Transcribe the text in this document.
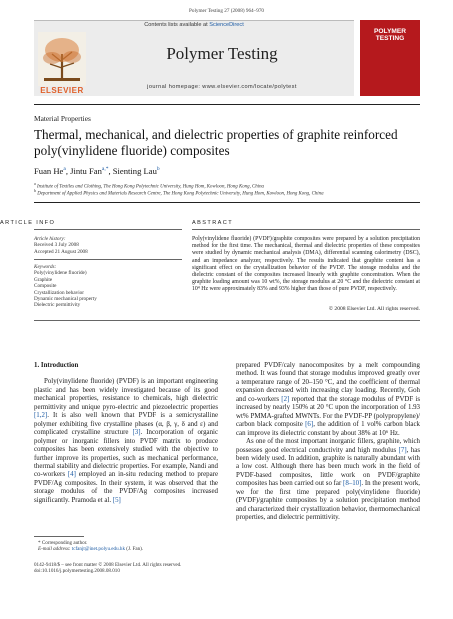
Polymer Testing 27 (2008) 964–970
Contents lists available at ScienceDirect
ELSEVIER
Polymer Testing
journal homepage: www.elsevier.com/locate/polytest
POLYMER TESTING
Material Properties
Thermal, mechanical, and dielectric properties of graphite reinforced poly(vinylidene fluoride) composites
Fuan He$^a$, Jintu Fan$^{a,*}$, Sienting Lau$^b$
$^a$ Institute of Textiles and Clothing, The Hong Kong Polytechnic University, Hung Hom, Kowloon, Hong Kong, China
$^b$ Department of Applied Physics and Materials Research Centre, The Hong Kong Polytechnic University, Hung Hom, Kowloon, Hong Kong, China
ARTICLE INFO	ABSTRACT
Article history:
Received 3 July 2008
Accepted 21 August 2008
Keywords:
Poly(vinylidene fluoride)
Graphite
Composite
Crystallization behavior
Dynamic mechanical property
Dielectric permittivity
Poly(vinylidene fluoride) (PVDF)/graphite composites were prepared by a solution precipitation method for the first time. The mechanical, thermal and dielectric properties of these composites were studied by dynamic mechanical analysis (DMA), differential scanning calorimetry (DSC), and an impedance analyzer, respectively. The results indicated that graphite content has a significant effect on the crystallization behavior of the PVDF. The storage modulus and the dielectric constant of the composites increased linearly with graphite concentration. When the graphite loading amount was 10 wt%, the storage modulus at 20 °C and the dielectric constant at 10⁴ Hz were approximately 83% and 93% higher than those of pure PVDF, respectively.
© 2008 Elsevier Ltd. All rights reserved.
1. Introduction

Poly(vinylidene fluoride) (PVDF) is an important engineering plastic and has been widely investigated because of its good mechanical properties, resistance to chemicals, high dielectric permittivity and unique pyro-electric and piezoelectric properties [1,2]. It is also well known that PVDF is a semicrystalline polymer exhibiting five crystalline phases (α, β, γ, δ and ε) and complicated crystalline structure [3]. Incorporation of organic polymer or inorganic fillers into PVDF matrix to produce composites has been extensively studied with the objective to further improve its properties, such as mechanical performance, thermal stability and dielectric properties. For example, Nandi and co-workers [4] employed an in-situ reducing method to prepare PVDF/Ag composites. In their system, it was observed that the storage modulus of the PVDF/Ag composites increased significantly. Pramoda et al. [5]

prepared PVDF/caly nanocomposites by a melt compounding method. It was found that storage modulus improved greatly over a temperature range of 20–150 °C, and the coefficient of thermal expansion decreased with increasing clay loading. Recently, Goh and co-workers [2] reported that the storage modulus of PVDF is increased by nearly 150% at 20 °C upon the incorporation of 1.93 wt% PMMA-grafted MWNTs. For the PVDF-PP (polypropylene)/ carbon black composite [6], the addition of 1 vol% carbon black can improve its dielectric constant by about 38% at 10⁶ Hz.

As one of the most important inorganic fillers, graphite, which possesses good electrical conductivity and high modulus [7], has been widely used. In addition, graphite is naturally abundant with a low cost. Although there has been much work in the field of PVDF-based composites, little work on PVDF/graphite composites has been carried out so far [8–10]. In the present work, we for the first time prepared poly(vinylidene fluoride) (PVDF)/graphite composites by a solution precipitation method and characterized their crystallization behavior, thermomechanical properties, and dielectric permittivity.

* Corresponding author.
E-mail address: tcfanjt@inet.polyu.edu.hk (J. Fan).
0142-9418/$ – see front matter © 2008 Elsevier Ltd. All rights reserved.
doi:10.1016/j.polymertesting.2008.08.010
